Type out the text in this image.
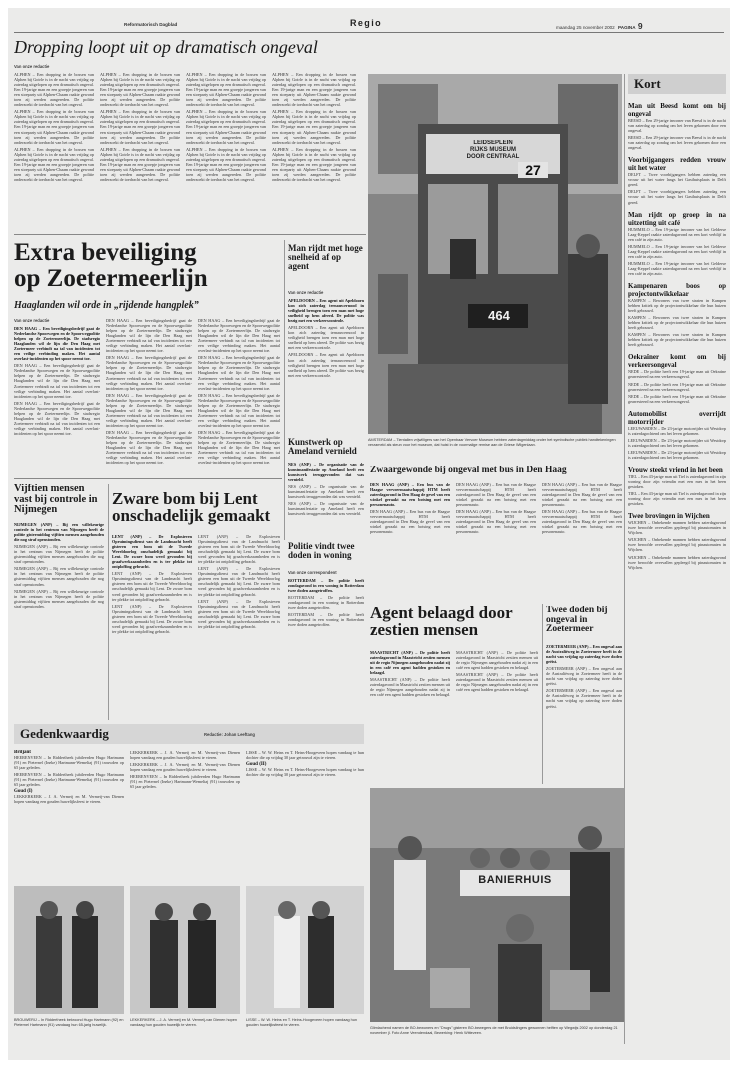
Reformatorisch Dagblad	Regio	maandag 25 november 2002 PAGINA 9
Dropping loopt uit op dramatisch ongeval
Van onze redactie

ALPHEN – Een dropping in de bossen van Alphen bij Goirle is in de nacht van vrijdag op zaterdag uitgelopen op een dramatisch ongeval. Een 19-jarige man en een groepje jongeren van een stoeparty uit Alphen-Chaam raakte gewond toen zij werden aangereden. De politie onderzoekt de toedracht van het ongeval.

ALPHEN – Een dropping in de bossen van Alphen bij Goirle is in de nacht van vrijdag op zaterdag uitgelopen op een dramatisch ongeval. Een 19-jarige man en een groepje jongeren van een stoeparty uit Alphen-Chaam raakte gewond toen zij werden aangereden. De politie onderzoekt de toedracht van het ongeval.

ALPHEN – Een dropping in de bossen van Alphen bij Goirle is in de nacht van vrijdag op zaterdag uitgelopen op een dramatisch ongeval. Een 19-jarige man en een groepje jongeren van een stoeparty uit Alphen-Chaam raakte gewond toen zij werden aangereden. De politie onderzoekt de toedracht van het ongeval.

ALPHEN – Een dropping in de bossen van Alphen bij Goirle is in de nacht van vrijdag op zaterdag uitgelopen op een dramatisch ongeval. Een 19-jarige man en een groepje jongeren van een stoeparty uit Alphen-Chaam raakte gewond toen zij werden aangereden. De politie onderzoekt de toedracht van het ongeval.

ALPHEN – Een dropping in de bossen van Alphen bij Goirle is in de nacht van vrijdag op zaterdag uitgelopen op een dramatisch ongeval. Een 19-jarige man en een groepje jongeren van een stoeparty uit Alphen-Chaam raakte gewond toen zij werden aangereden. De politie onderzoekt de toedracht van het ongeval.

ALPHEN – Een dropping in de bossen van Alphen bij Goirle is in de nacht van vrijdag op zaterdag uitgelopen op een dramatisch ongeval. Een 19-jarige man en een groepje jongeren van een stoeparty uit Alphen-Chaam raakte gewond toen zij werden aangereden. De politie onderzoekt de toedracht van het ongeval.

ALPHEN – Een dropping in de bossen van Alphen bij Goirle is in de nacht van vrijdag op zaterdag uitgelopen op een dramatisch ongeval. Een 19-jarige man en een groepje jongeren van een stoeparty uit Alphen-Chaam raakte gewond toen zij werden aangereden. De politie onderzoekt de toedracht van het ongeval.

ALPHEN – Een dropping in de bossen van Alphen bij Goirle is in de nacht van vrijdag op zaterdag uitgelopen op een dramatisch ongeval. Een 19-jarige man en een groepje jongeren van een stoeparty uit Alphen-Chaam raakte gewond toen zij werden aangereden. De politie onderzoekt de toedracht van het ongeval.

ALPHEN – Een dropping in de bossen van Alphen bij Goirle is in de nacht van vrijdag op zaterdag uitgelopen op een dramatisch ongeval. Een 19-jarige man en een groepje jongeren van een stoeparty uit Alphen-Chaam raakte gewond toen zij werden aangereden. De politie onderzoekt de toedracht van het ongeval.

ALPHEN – Een dropping in de bossen van Alphen bij Goirle is in de nacht van vrijdag op zaterdag uitgelopen op een dramatisch ongeval. Een 19-jarige man en een groepje jongeren van een stoeparty uit Alphen-Chaam raakte gewond toen zij werden aangereden. De politie onderzoekt de toedracht van het ongeval.

ALPHEN – Een dropping in de bossen van Alphen bij Goirle is in de nacht van vrijdag op zaterdag uitgelopen op een dramatisch ongeval. Een 19-jarige man en een groepje jongeren van een stoeparty uit Alphen-Chaam raakte gewond toen zij werden aangereden. De politie onderzoekt de toedracht van het ongeval.

ALPHEN – Een dropping in de bossen van Alphen bij Goirle is in de nacht van vrijdag op zaterdag uitgelopen op een dramatisch ongeval. Een 19-jarige man en een groepje jongeren van een stoeparty uit Alphen-Chaam raakte gewond toen zij werden aangereden. De politie onderzoekt de toedracht van het ongeval.

LEIDSEPLEIN
RIJKS MUSEUM
DOOR CENTRAAL
27
464
AMSTERDAM – Tientallen vrijwilligers van het Openbaar Vervoer Museum hebben zaterdagmiddag onder het symbolische publiek handtekeningen verzameld als steun voor het museum, dat huist in de voormalige remise aan de Griese Wilgenlaan.
Kort
Man uit Beesd komt om bij ongeval

BEESD – Een 29-jarige inwoner van Beesd is in de nacht van zaterdag op zondag om het leven gekomen door een ongeval.

BEESD – Een 29-jarige inwoner van Beesd is in de nacht van zaterdag op zondag om het leven gekomen door een ongeval.

Voorbijgangers redden vrouw uit het water

DELFT – Twee voorbijgangers hebben zaterdag een vrouw uit het water langs het Gasthuisplaats in Delft gered.

DELFT – Twee voorbijgangers hebben zaterdag een vrouw uit het water langs het Gasthuisplaats in Delft gered.

Man rijdt op groep in na uitzetting uit café

HUMMELO – Een 19-jarige inwoner van het Gelderse Laag-Keppel raakte zaterdagavond na een kort verblijf in een café in zijn auto.

HUMMELO – Een 19-jarige inwoner van het Gelderse Laag-Keppel raakte zaterdagavond na een kort verblijf in een café in zijn auto.

HUMMELO – Een 19-jarige inwoner van het Gelderse Laag-Keppel raakte zaterdagavond na een kort verblijf in een café in zijn auto.

Kampenaren boos op projectontwikkelaar

KAMPEN – Bewoners van twee straten in Kampen hebben kritiek op de projectontwikkelaar die hun huizen heeft gebouwd.

KAMPEN – Bewoners van twee straten in Kampen hebben kritiek op de projectontwikkelaar die hun huizen heeft gebouwd.

KAMPEN – Bewoners van twee straten in Kampen hebben kritiek op de projectontwikkelaar die hun huizen heeft gebouwd.

Oekraïner komt om bij verkeersongeval

NEDE – De politie heeft een 19-jarige man uit Oekraïne gearresteerd na een verkeersongeval.

NEDE – De politie heeft een 19-jarige man uit Oekraïne gearresteerd na een verkeersongeval.

NEDE – De politie heeft een 19-jarige man uit Oekraïne gearresteerd na een verkeersongeval.

Automobilist overrijdt motorrijder

LEEUWARDEN – De 23-jarige motorrijder uit Westdorp is zaterdagochtend om het leven gekomen.

LEEUWARDEN – De 23-jarige motorrijder uit Westdorp is zaterdagochtend om het leven gekomen.

LEEUWARDEN – De 23-jarige motorrijder uit Westdorp is zaterdagochtend om het leven gekomen.

Vrouw steekt vriend in het been

TIEL – Een 43-jarige man uit Tiel is zaterdagavond in zijn woning door zijn vriendin met een mes in het been gestoken.

TIEL – Een 43-jarige man uit Tiel is zaterdagavond in zijn woning door zijn vriendin met een mes in het been gestoken.

Twee brovingen in Wijchen

WIJCHEN – Onbekende mannen hebben zaterdagavond twee beroofde overvallen gepleegd bij pinautomaten in Wijchen.

WIJCHEN – Onbekende mannen hebben zaterdagavond twee beroofde overvallen gepleegd bij pinautomaten in Wijchen.

WIJCHEN – Onbekende mannen hebben zaterdagavond twee beroofde overvallen gepleegd bij pinautomaten in Wijchen.

Extra beveiliging
op Zoetermeerlijn
Haaglanden wil orde in „rijdende hangplek”
Van onze redactie

DEN HAAG – Een beveiligingsbedrijf gaat de Nederlandse Spoorwegen en de Spoorwegpolitie helpen op de Zoetermeerlijn. De stadsregio Haaglanden wil de lijn die Den Haag met Zoetermeer verbindt na tal van incidenten tot een veilige verbinding maken. Het aantal overlast-incidenten op het spoor neemt toe.

DEN HAAG – Een beveiligingsbedrijf gaat de Nederlandse Spoorwegen en de Spoorwegpolitie helpen op de Zoetermeerlijn. De stadsregio Haaglanden wil de lijn die Den Haag met Zoetermeer verbindt na tal van incidenten tot een veilige verbinding maken. Het aantal overlast-incidenten op het spoor neemt toe.

DEN HAAG – Een beveiligingsbedrijf gaat de Nederlandse Spoorwegen en de Spoorwegpolitie helpen op de Zoetermeerlijn. De stadsregio Haaglanden wil de lijn die Den Haag met Zoetermeer verbindt na tal van incidenten tot een veilige verbinding maken. Het aantal overlast-incidenten op het spoor neemt toe.

DEN HAAG – Een beveiligingsbedrijf gaat de Nederlandse Spoorwegen en de Spoorwegpolitie helpen op de Zoetermeerlijn. De stadsregio Haaglanden wil de lijn die Den Haag met Zoetermeer verbindt na tal van incidenten tot een veilige verbinding maken. Het aantal overlast-incidenten op het spoor neemt toe.

DEN HAAG – Een beveiligingsbedrijf gaat de Nederlandse Spoorwegen en de Spoorwegpolitie helpen op de Zoetermeerlijn. De stadsregio Haaglanden wil de lijn die Den Haag met Zoetermeer verbindt na tal van incidenten tot een veilige verbinding maken. Het aantal overlast-incidenten op het spoor neemt toe.

DEN HAAG – Een beveiligingsbedrijf gaat de Nederlandse Spoorwegen en de Spoorwegpolitie helpen op de Zoetermeerlijn. De stadsregio Haaglanden wil de lijn die Den Haag met Zoetermeer verbindt na tal van incidenten tot een veilige verbinding maken. Het aantal overlast-incidenten op het spoor neemt toe.

DEN HAAG – Een beveiligingsbedrijf gaat de Nederlandse Spoorwegen en de Spoorwegpolitie helpen op de Zoetermeerlijn. De stadsregio Haaglanden wil de lijn die Den Haag met Zoetermeer verbindt na tal van incidenten tot een veilige verbinding maken. Het aantal overlast-incidenten op het spoor neemt toe.

DEN HAAG – Een beveiligingsbedrijf gaat de Nederlandse Spoorwegen en de Spoorwegpolitie helpen op de Zoetermeerlijn. De stadsregio Haaglanden wil de lijn die Den Haag met Zoetermeer verbindt na tal van incidenten tot een veilige verbinding maken. Het aantal overlast-incidenten op het spoor neemt toe.

DEN HAAG – Een beveiligingsbedrijf gaat de Nederlandse Spoorwegen en de Spoorwegpolitie helpen op de Zoetermeerlijn. De stadsregio Haaglanden wil de lijn die Den Haag met Zoetermeer verbindt na tal van incidenten tot een veilige verbinding maken. Het aantal overlast-incidenten op het spoor neemt toe.

DEN HAAG – Een beveiligingsbedrijf gaat de Nederlandse Spoorwegen en de Spoorwegpolitie helpen op de Zoetermeerlijn. De stadsregio Haaglanden wil de lijn die Den Haag met Zoetermeer verbindt na tal van incidenten tot een veilige verbinding maken. Het aantal overlast-incidenten op het spoor neemt toe.

DEN HAAG – Een beveiligingsbedrijf gaat de Nederlandse Spoorwegen en de Spoorwegpolitie helpen op de Zoetermeerlijn. De stadsregio Haaglanden wil de lijn die Den Haag met Zoetermeer verbindt na tal van incidenten tot een veilige verbinding maken. Het aantal overlast-incidenten op het spoor neemt toe.

Man rijdt met hoge snelheid af op agent
Van onze redactie

APELDOORN – Een agent uit Apeldoorn kon zich zaterdag ternauwernood in veiligheid brengen toen een man met hoge snelheid op hem afreed. De politie was bezig met een verkeerscontrole.

APELDOORN – Een agent uit Apeldoorn kon zich zaterdag ternauwernood in veiligheid brengen toen een man met hoge snelheid op hem afreed. De politie was bezig met een verkeerscontrole.

APELDOORN – Een agent uit Apeldoorn kon zich zaterdag ternauwernood in veiligheid brengen toen een man met hoge snelheid op hem afreed. De politie was bezig met een verkeerscontrole.

Kunstwerk op Ameland vernield

NES (ANP) – De organisatie van de kunstmanifestatie op Ameland heeft een kunstwerk teruggevonden dat was vernield.

NES (ANP) – De organisatie van de kunstmanifestatie op Ameland heeft een kunstwerk teruggevonden dat was vernield.

NES (ANP) – De organisatie van de kunstmanifestatie op Ameland heeft een kunstwerk teruggevonden dat was vernield.

Vijftien mensen vast bij controle in Nijmegen

NIJMEGEN (ANP) – Bij een willekeurige controle in het centrum van Nijmegen heeft de politie gistermiddag vijftien mensen aangehouden die nog straf openstonden.

NIJMEGEN (ANP) – Bij een willekeurige controle in het centrum van Nijmegen heeft de politie gistermiddag vijftien mensen aangehouden die nog straf openstonden.

NIJMEGEN (ANP) – Bij een willekeurige controle in het centrum van Nijmegen heeft de politie gistermiddag vijftien mensen aangehouden die nog straf openstonden.

NIJMEGEN (ANP) – Bij een willekeurige controle in het centrum van Nijmegen heeft de politie gistermiddag vijftien mensen aangehouden die nog straf openstonden.

Zware bom bij Lent
onschadelijk gemaakt

LENT (ANP) – De Explosieven Opruimingsdienst van de Landmacht heeft gisteren een bom uit de Tweede Wereldoorlog onschadelijk gemaakt bij Lent. De zware bom werd gevonden bij graafwerkzaamheden en is ter plekke tot ontploffing gebracht.

LENT (ANP) – De Explosieven Opruimingsdienst van de Landmacht heeft gisteren een bom uit de Tweede Wereldoorlog onschadelijk gemaakt bij Lent. De zware bom werd gevonden bij graafwerkzaamheden en is ter plekke tot ontploffing gebracht.

LENT (ANP) – De Explosieven Opruimingsdienst van de Landmacht heeft gisteren een bom uit de Tweede Wereldoorlog onschadelijk gemaakt bij Lent. De zware bom werd gevonden bij graafwerkzaamheden en is ter plekke tot ontploffing gebracht.

LENT (ANP) – De Explosieven Opruimingsdienst van de Landmacht heeft gisteren een bom uit de Tweede Wereldoorlog onschadelijk gemaakt bij Lent. De zware bom werd gevonden bij graafwerkzaamheden en is ter plekke tot ontploffing gebracht.

LENT (ANP) – De Explosieven Opruimingsdienst van de Landmacht heeft gisteren een bom uit de Tweede Wereldoorlog onschadelijk gemaakt bij Lent. De zware bom werd gevonden bij graafwerkzaamheden en is ter plekke tot ontploffing gebracht.

LENT (ANP) – De Explosieven Opruimingsdienst van de Landmacht heeft gisteren een bom uit de Tweede Wereldoorlog onschadelijk gemaakt bij Lent. De zware bom werd gevonden bij graafwerkzaamheden en is ter plekke tot ontploffing gebracht.

Politie vindt twee doden in woning
Van onze correspondent

ROTTERDAM – De politie heeft zondagavond in een woning in Rotterdam twee doden aangetroffen.

ROTTERDAM – De politie heeft zondagavond in een woning in Rotterdam twee doden aangetroffen.

ROTTERDAM – De politie heeft zondagavond in een woning in Rotterdam twee doden aangetroffen.

Zwaargewonde bij ongeval met bus in Den Haag

DEN HAAG (ANP) – Een bus van de Haagse vervoermaatschappij HTM heeft zaterdagavond in Den Haag de gevel van een winkel geraakt na een botsing met een personenauto.

DEN HAAG (ANP) – Een bus van de Haagse vervoermaatschappij HTM heeft zaterdagavond in Den Haag de gevel van een winkel geraakt na een botsing met een personenauto.

DEN HAAG (ANP) – Een bus van de Haagse vervoermaatschappij HTM heeft zaterdagavond in Den Haag de gevel van een winkel geraakt na een botsing met een personenauto.

DEN HAAG (ANP) – Een bus van de Haagse vervoermaatschappij HTM heeft zaterdagavond in Den Haag de gevel van een winkel geraakt na een botsing met een personenauto.

DEN HAAG (ANP) – Een bus van de Haagse vervoermaatschappij HTM heeft zaterdagavond in Den Haag de gevel van een winkel geraakt na een botsing met een personenauto.

DEN HAAG (ANP) – Een bus van de Haagse vervoermaatschappij HTM heeft zaterdagavond in Den Haag de gevel van een winkel geraakt na een botsing met een personenauto.

Agent belaagd door
zestien mensen

MAASTRICHT (ANP) – De politie heeft zaterdagavond in Maastricht zestien mensen uit de regio Nijmegen aangehouden nadat zij in een café een agent hadden gestoken en belaagd.

MAASTRICHT (ANP) – De politie heeft zaterdagavond in Maastricht zestien mensen uit de regio Nijmegen aangehouden nadat zij in een café een agent hadden gestoken en belaagd.

MAASTRICHT (ANP) – De politie heeft zaterdagavond in Maastricht zestien mensen uit de regio Nijmegen aangehouden nadat zij in een café een agent hadden gestoken en belaagd.

MAASTRICHT (ANP) – De politie heeft zaterdagavond in Maastricht zestien mensen uit de regio Nijmegen aangehouden nadat zij in een café een agent hadden gestoken en belaagd.

Twee doden bij ongeval in Zoetermeer

ZOETERMEER (ANP) – Een ongeval aan de Australiëweg in Zoetermeer heeft in de nacht van vrijdag op zaterdag twee doden geëist.

ZOETERMEER (ANP) – Een ongeval aan de Australiëweg in Zoetermeer heeft in de nacht van vrijdag op zaterdag twee doden geëist.

ZOETERMEER (ANP) – Een ongeval aan de Australiëweg in Zoetermeer heeft in de nacht van vrijdag op zaterdag twee doden geëist.

Gedenkwaardig	Redactie: Johan Leeftang
Briljant

HEERENVEEN – In Riddertheek jubileerden Hugo Hartmann (91) en Pieternel (Ineke) Hartmann-Wemeliaj (91) trouwden op 65 jaar geleden.

HEERENVEEN – In Riddertheek jubileerden Hugo Hartmann (91) en Pieternel (Ineke) Hartmann-Wemeliaj (91) trouwden op 65 jaar geleden.

Goud (I)

LEKKERKERK – J. A. Vermeij en M. Vermeij-van Dienen hopen vandaag een gouden huwelijksfeest te vieren.

LEKKERKERK – J. A. Vermeij en M. Vermeij-van Dienen hopen vandaag een gouden huwelijksfeest te vieren.

LEKKERKERK – J. A. Vermeij en M. Vermeij-van Dienen hopen vandaag een gouden huwelijksfeest te vieren.

HEERENVEEN – In Riddertheek jubileerden Hugo Hartmann (91) en Pieternel (Ineke) Hartmann-Wemeliaj (91) trouwden op 65 jaar geleden.

LISSE – W. W. Heins en T. Heins-Hoogeveen hopen vandaag te hun dochter die op vrijdag 30 jaar getrouwd zijn te vieren.

Goud (II)

LISSE – W. W. Heins en T. Heins-Hoogeveen hopen vandaag te hun dochter die op vrijdag 30 jaar getrouwd zijn te vieren.

BROUWERIJ – In Riddertheek bekroond Hugo Hartmann (92) en Pieternel Hartmann (91) vandaag hun 65-jarig huwelijk.
LEKKERKERK – J. A. Vermeij en M. Vermeij-van Dienen hopen vandaag hun gouden huwelijk te vieren.
LISSE – W. W. Heins en T. Heins-Hoogeveen hopen vandaag hun gouden huwelijksfeest te vieren.
BANIERHUIS
Glimlachend namen de BO-bewoners en "Drugs" gisteren BO-bewegers de met Bruidslingers gewonnen helften op Wegwijs 2002 op donderdag 21 november jl. Foto Anne Veendendaal, Bewerking: Henk Witteveen.
